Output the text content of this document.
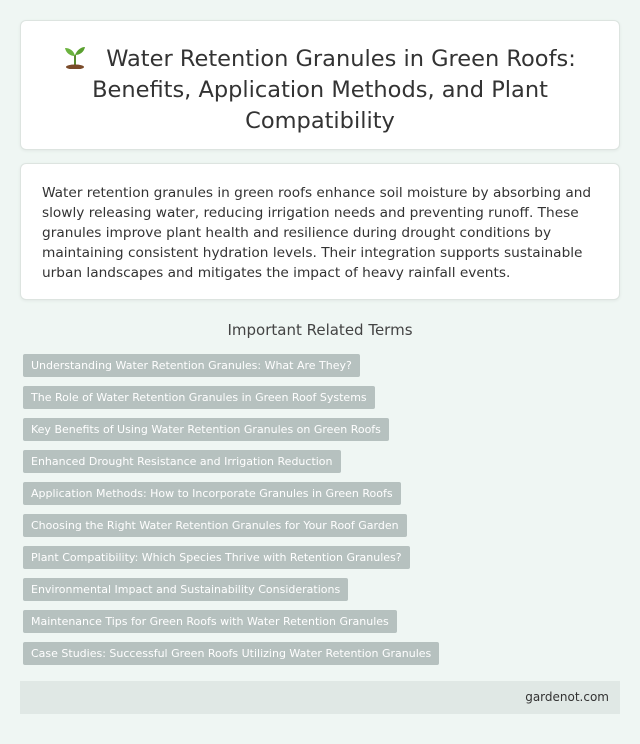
Water Retention Granules in Green Roofs: Benefits, Application Methods, and Plant Compatibility

Water retention granules in green roofs enhance soil moisture by absorbing and slowly releasing water, reducing irrigation needs and preventing runoff. These granules improve plant health and resilience during drought conditions by maintaining consistent hydration levels. Their integration supports sustainable urban landscapes and mitigates the impact of heavy rainfall events.

Important Related Terms
Understanding Water Retention Granules: What Are They?
The Role of Water Retention Granules in Green Roof Systems
Key Benefits of Using Water Retention Granules on Green Roofs
Enhanced Drought Resistance and Irrigation Reduction
Application Methods: How to Incorporate Granules in Green Roofs
Choosing the Right Water Retention Granules for Your Roof Garden
Plant Compatibility: Which Species Thrive with Retention Granules?
Environmental Impact and Sustainability Considerations
Maintenance Tips for Green Roofs with Water Retention Granules
Case Studies: Successful Green Roofs Utilizing Water Retention Granules
gardenot.com
